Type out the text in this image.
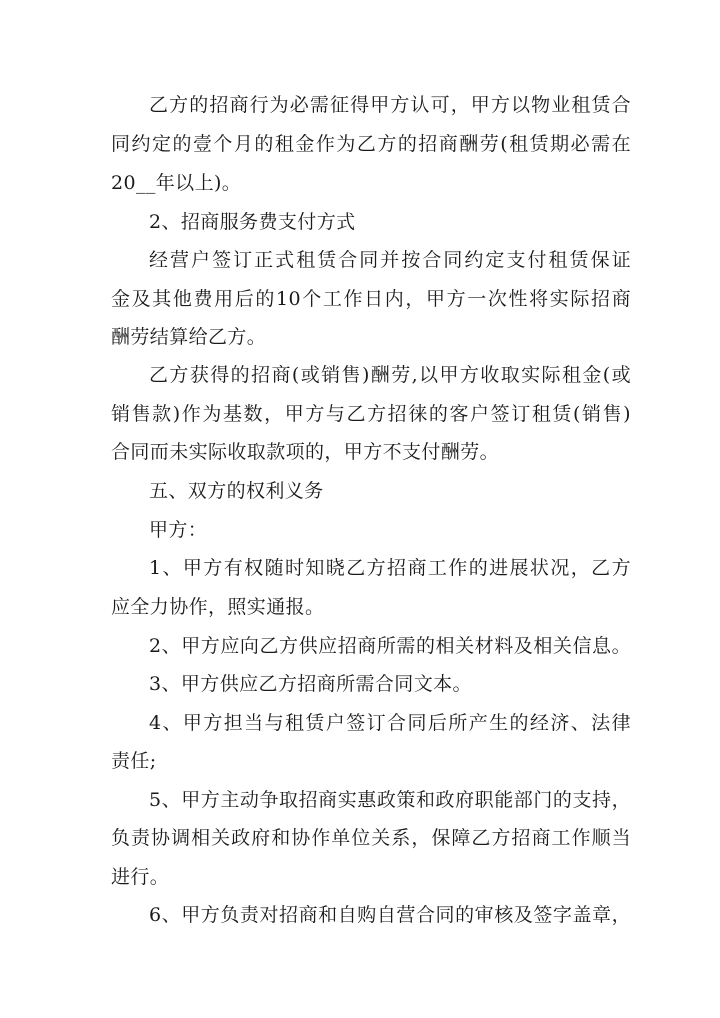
乙方的招商行为必需征得甲方认可，甲方以物业租赁合
同约定的壹个月的租金作为乙方的招商酬劳(租赁期必需在
20__年以上)。
2、招商服务费支付方式
经营户签订正式租赁合同并按合同约定支付租赁保证
金及其他费用后的10个工作日内，甲方一次性将实际招商
酬劳结算给乙方。
乙方获得的招商(或销售)酬劳,以甲方收取实际租金(或
销售款)作为基数，甲方与乙方招徕的客户签订租赁(销售)
合同而未实际收取款项的，甲方不支付酬劳。
五、双方的权利义务
甲方：
1、甲方有权随时知晓乙方招商工作的进展状况，乙方
应全力协作，照实通报。
2、甲方应向乙方供应招商所需的相关材料及相关信息。
3、甲方供应乙方招商所需合同文本。
4、甲方担当与租赁户签订合同后所产生的经济、法律
责任;
5、甲方主动争取招商实惠政策和政府职能部门的支持，
负责协调相关政府和协作单位关系，保障乙方招商工作顺当
进行。
6、甲方负责对招商和自购自营合同的审核及签字盖章，
